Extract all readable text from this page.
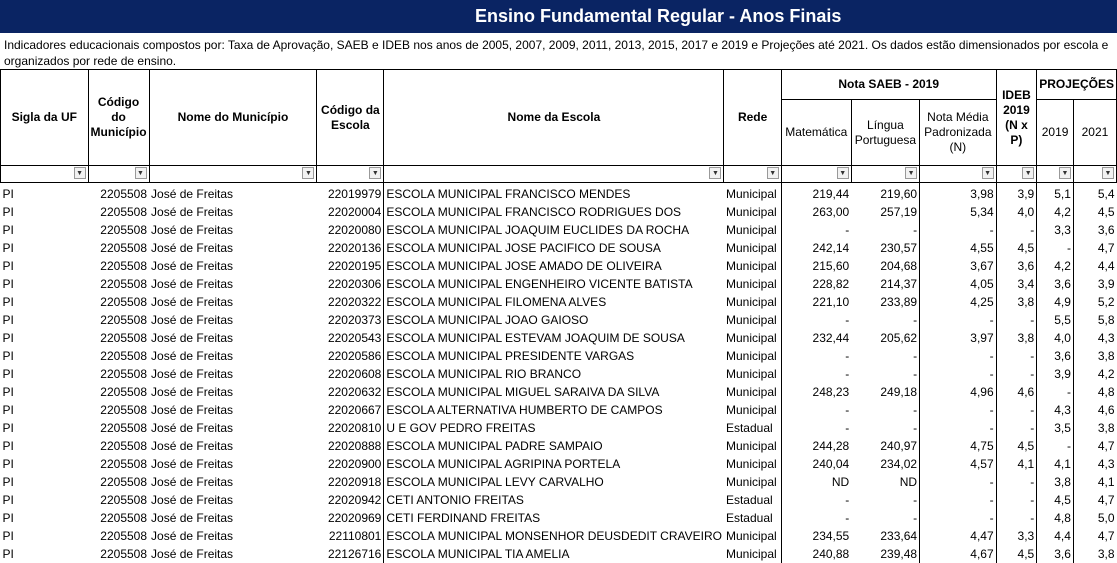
Ensino Fundamental Regular - Anos Finais
Indicadores educacionais compostos por: Taxa de Aprovação, SAEB e IDEB nos anos de 2005, 2007, 2009, 2011, 2013, 2015, 2017 e 2019 e Projeções até 2021. Os dados estão dimensionados por escola e organizados por rede de ensino.
Sigla da UF	Código do Município	Nome do Município	Código da Escola	Nome da Escola	Rede	Nota SAEB - 2019			IDEB 2019 (N x P)	PROJEÇÕES	
						Matemática	Língua Portuguesa	Nota Média Padronizada (N)		2019	2021

▼	▼	▼	▼	▼	▼	▼	▼	▼	▼	▼	▼

PI	2205508	José de Freitas	22019979	ESCOLA MUNICIPAL FRANCISCO MENDES	Municipal	219,44	219,60	3,98	3,9	5,1	5,4
PI	2205508	José de Freitas	22020004	ESCOLA MUNICIPAL FRANCISCO RODRIGUES DOS	Municipal	263,00	257,19	5,34	4,0	4,2	4,5
PI	2205508	José de Freitas	22020080	ESCOLA MUNICIPAL JOAQUIM EUCLIDES DA ROCHA	Municipal	-	-	-	-	3,3	3,6
PI	2205508	José de Freitas	22020136	ESCOLA MUNICIPAL JOSE PACIFICO DE SOUSA	Municipal	242,14	230,57	4,55	4,5	-	4,7
PI	2205508	José de Freitas	22020195	ESCOLA MUNICIPAL JOSE AMADO DE OLIVEIRA	Municipal	215,60	204,68	3,67	3,6	4,2	4,4
PI	2205508	José de Freitas	22020306	ESCOLA MUNICIPAL ENGENHEIRO VICENTE BATISTA	Municipal	228,82	214,37	4,05	3,4	3,6	3,9
PI	2205508	José de Freitas	22020322	ESCOLA MUNICIPAL FILOMENA ALVES	Municipal	221,10	233,89	4,25	3,8	4,9	5,2
PI	2205508	José de Freitas	22020373	ESCOLA MUNICIPAL JOAO GAIOSO	Municipal	-	-	-	-	5,5	5,8
PI	2205508	José de Freitas	22020543	ESCOLA MUNICIPAL ESTEVAM JOAQUIM DE SOUSA	Municipal	232,44	205,62	3,97	3,8	4,0	4,3
PI	2205508	José de Freitas	22020586	ESCOLA MUNICIPAL PRESIDENTE VARGAS	Municipal	-	-	-	-	3,6	3,8
PI	2205508	José de Freitas	22020608	ESCOLA MUNICIPAL RIO BRANCO	Municipal	-	-	-	-	3,9	4,2
PI	2205508	José de Freitas	22020632	ESCOLA MUNICIPAL MIGUEL SARAIVA DA SILVA	Municipal	248,23	249,18	4,96	4,6	-	4,8
PI	2205508	José de Freitas	22020667	ESCOLA ALTERNATIVA HUMBERTO DE CAMPOS	Municipal	-	-	-	-	4,3	4,6
PI	2205508	José de Freitas	22020810	U E GOV PEDRO FREITAS	Estadual	-	-	-	-	3,5	3,8
PI	2205508	José de Freitas	22020888	ESCOLA MUNICIPAL PADRE SAMPAIO	Municipal	244,28	240,97	4,75	4,5	-	4,7
PI	2205508	José de Freitas	22020900	ESCOLA MUNICIPAL AGRIPINA PORTELA	Municipal	240,04	234,02	4,57	4,1	4,1	4,3
PI	2205508	José de Freitas	22020918	ESCOLA MUNICIPAL LEVY CARVALHO	Municipal	ND	ND	-	-	3,8	4,1
PI	2205508	José de Freitas	22020942	CETI ANTONIO FREITAS	Estadual	-	-	-	-	4,5	4,7
PI	2205508	José de Freitas	22020969	CETI FERDINAND FREITAS	Estadual	-	-	-	-	4,8	5,0
PI	2205508	José de Freitas	22110801	ESCOLA MUNICIPAL MONSENHOR DEUSDEDIT CRAVEIRO	Municipal	234,55	233,64	4,47	3,3	4,4	4,7
PI	2205508	José de Freitas	22126716	ESCOLA MUNICIPAL TIA AMELIA	Municipal	240,88	239,48	4,67	4,5	3,6	3,8
